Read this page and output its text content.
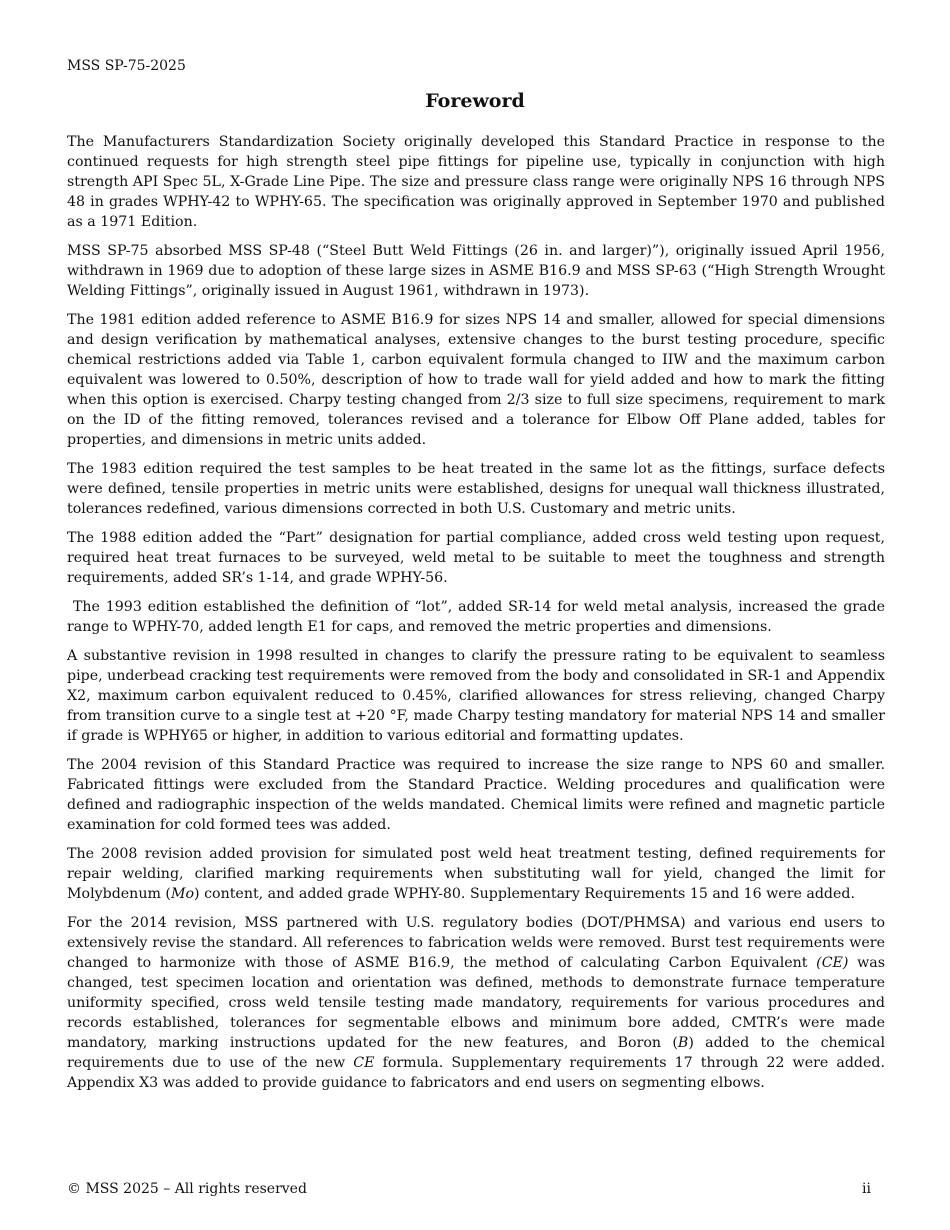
MSS SP-75-2025
Foreword

The Manufacturers Standardization Society originally developed this Standard Practice in response to the continued requests for high strength steel pipe fittings for pipeline use, typically in conjunction with high strength API Spec 5L, X-Grade Line Pipe. The size and pressure class range were originally NPS 16 through NPS 48 in grades WPHY-42 to WPHY-65. The specification was originally approved in September 1970 and published as a 1971 Edition.

MSS SP-75 absorbed MSS SP-48 (“Steel Butt Weld Fittings (26 in. and larger)”), originally issued April 1956, withdrawn in 1969 due to adoption of these large sizes in ASME B16.9 and MSS SP-63 (“High Strength Wrought Welding Fittings”, originally issued in August 1961, withdrawn in 1973).

The 1981 edition added reference to ASME B16.9 for sizes NPS 14 and smaller, allowed for special dimensions and design verification by mathematical analyses, extensive changes to the burst testing procedure, specific chemical restrictions added via Table 1, carbon equivalent formula changed to IIW and the maximum carbon equivalent was lowered to 0.50%, description of how to trade wall for yield added and how to mark the fitting when this option is exercised. Charpy testing changed from 2/3 size to full size specimens, requirement to mark on the ID of the fitting removed, tolerances revised and a tolerance for Elbow Off Plane added, tables for properties, and dimensions in metric units added.

The 1983 edition required the test samples to be heat treated in the same lot as the fittings, surface defects were defined, tensile properties in metric units were established, designs for unequal wall thickness illustrated, tolerances redefined, various dimensions corrected in both U.S. Customary and metric units.

The 1988 edition added the “Part” designation for partial compliance, added cross weld testing upon request, required heat treat furnaces to be surveyed, weld metal to be suitable to meet the toughness and strength requirements, added SR’s 1-14, and grade WPHY-56.

The 1993 edition established the definition of “lot”, added SR-14 for weld metal analysis, increased the grade range to WPHY-70, added length E1 for caps, and removed the metric properties and dimensions.

A substantive revision in 1998 resulted in changes to clarify the pressure rating to be equivalent to seamless pipe, underbead cracking test requirements were removed from the body and consolidated in SR-1 and Appendix X2, maximum carbon equivalent reduced to 0.45%, clarified allowances for stress relieving, changed Charpy from transition curve to a single test at +20 °F, made Charpy testing mandatory for material NPS 14 and smaller if grade is WPHY65 or higher, in addition to various editorial and formatting updates.

The 2004 revision of this Standard Practice was required to increase the size range to NPS 60 and smaller. Fabricated fittings were excluded from the Standard Practice. Welding procedures and qualification were defined and radiographic inspection of the welds mandated. Chemical limits were refined and magnetic particle examination for cold formed tees was added.

The 2008 revision added provision for simulated post weld heat treatment testing, defined requirements for repair welding, clarified marking requirements when substituting wall for yield, changed the limit for Molybdenum (Mo) content, and added grade WPHY-80. Supplementary Requirements 15 and 16 were added.

For the 2014 revision, MSS partnered with U.S. regulatory bodies (DOT/PHMSA) and various end users to extensively revise the standard. All references to fabrication welds were removed. Burst test requirements were changed to harmonize with those of ASME B16.9, the method of calculating Carbon Equivalent (CE) was changed, test specimen location and orientation was defined, methods to demonstrate furnace temperature uniformity specified, cross weld tensile testing made mandatory, requirements for various procedures and records established, tolerances for segmentable elbows and minimum bore added, CMTR’s were made mandatory, marking instructions updated for the new features, and Boron (B) added to the chemical requirements due to use of the new CE formula. Supplementary requirements 17 through 22 were added. Appendix X3 was added to provide guidance to fabricators and end users on segmenting elbows.

© MSS 2025 – All rights reserved	ii
